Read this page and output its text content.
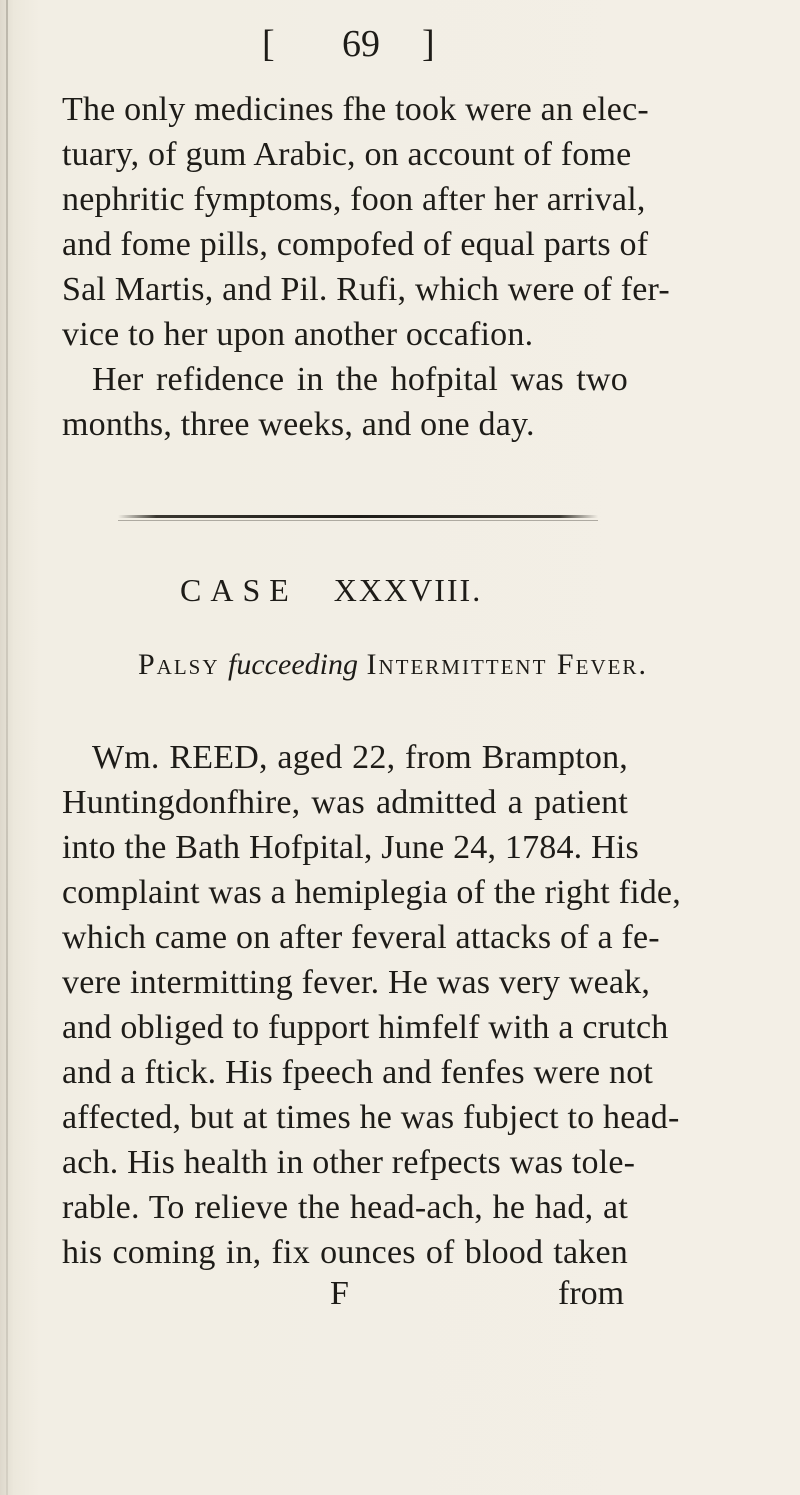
[ 69 ]
The only medicines fhe took were an elec-
tuary, of gum Arabic, on account of fome
nephritic fymptoms, foon after her arrival,
and fome pills, compofed of equal parts of
Sal Martis, and Pil. Rufi, which were of fer-
vice to her upon another occafion.
Her refidence in the hofpital was two
months, three weeks, and one day.
CASE XXXVIII.
Palsy fucceeding Intermittent Fever.
Wm. REED, aged 22, from Brampton,
Huntingdonfhire, was admitted a patient
into the Bath Hofpital, June 24, 1784. His
complaint was a hemiplegia of the right fide,
which came on after feveral attacks of a fe-
vere intermitting fever. He was very weak,
and obliged to fupport himfelf with a crutch
and a ftick. His fpeech and fenfes were not
affected, but at times he was fubject to head-
ach. His health in other refpects was tole-
rable. To relieve the head-ach, he had, at
his coming in, fix ounces of blood taken
F	from
